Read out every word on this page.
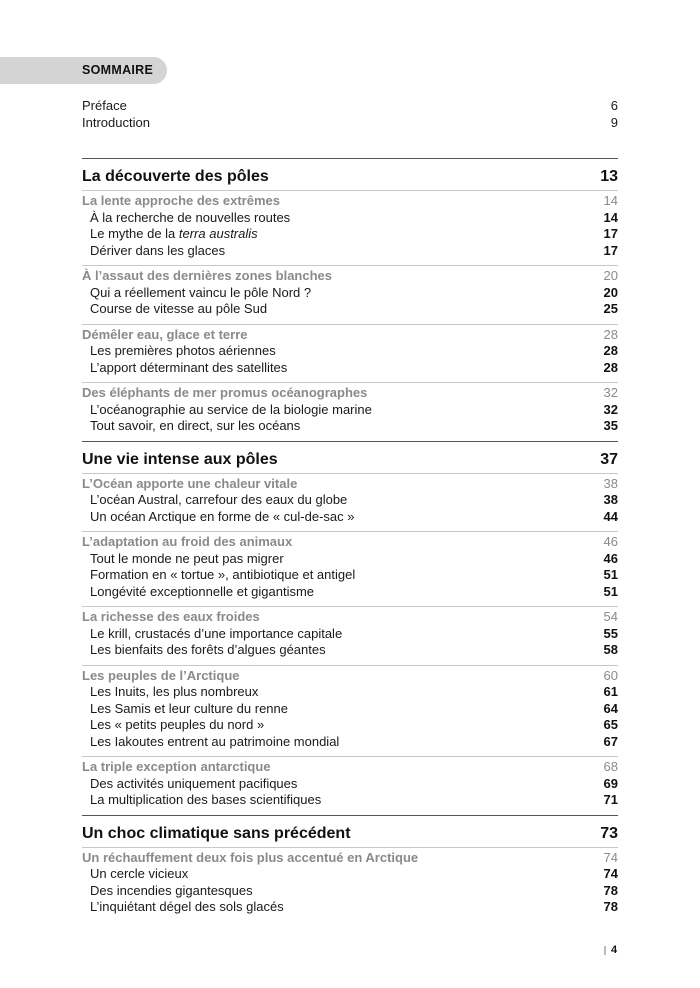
SOMMAIRE
Préface	6
Introduction	9
La découverte des pôles	13
La lente approche des extrêmes	14
À la recherche de nouvelles routes	14
Le mythe de la terra australis	17
Dériver dans les glaces	17
À l’assaut des dernières zones blanches	20
Qui a réellement vaincu le pôle Nord ?	20
Course de vitesse au pôle Sud	25
Démêler eau, glace et terre	28
Les premières photos aériennes	28
L’apport déterminant des satellites	28
Des éléphants de mer promus océanographes	32
L’océanographie au service de la biologie marine	32
Tout savoir, en direct, sur les océans	35
Une vie intense aux pôles	37
L’Océan apporte une chaleur vitale	38
L’océan Austral, carrefour des eaux du globe	38
Un océan Arctique en forme de « cul-de-sac »	44
L’adaptation au froid des animaux	46
Tout le monde ne peut pas migrer	46
Formation en « tortue », antibiotique et antigel	51
Longévité exceptionnelle et gigantisme	51
La richesse des eaux froides	54
Le krill, crustacés d’une importance capitale	55
Les bienfaits des forêts d’algues géantes	58
Les peuples de l’Arctique	60
Les Inuits, les plus nombreux	61
Les Samis et leur culture du renne	64
Les « petits peuples du nord »	65
Les Iakoutes entrent au patrimoine mondial	67
La triple exception antarctique	68
Des activités uniquement pacifiques	69
La multiplication des bases scientifiques	71
Un choc climatique sans précédent	73
Un réchauffement deux fois plus accentué en Arctique	74
Un cercle vicieux	74
Des incendies gigantesques	78
L’inquiétant dégel des sols glacés	78
4
